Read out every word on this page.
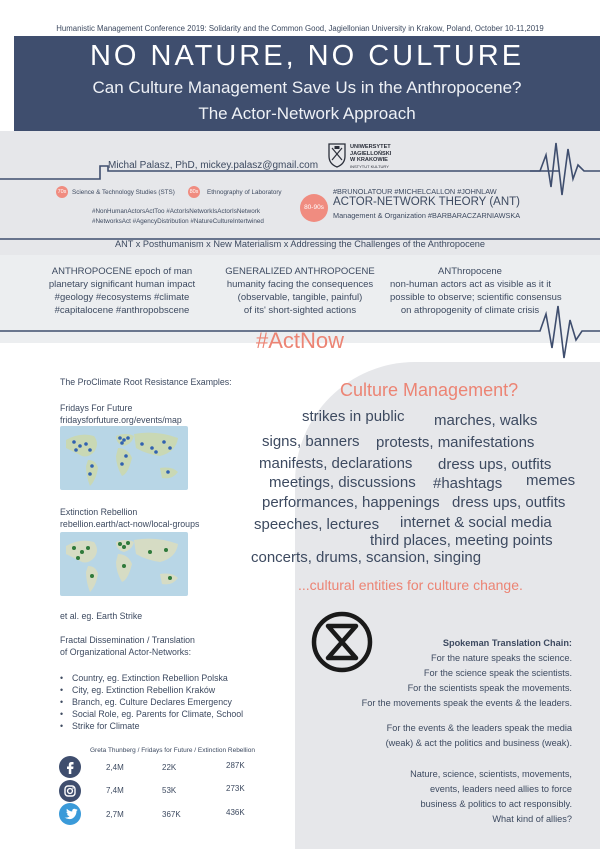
Humanistic Management Conference 2019: Solidarity and the Common Good, Jagiellonian University in Krakow, Poland, October 10-11,2019
NO NATURE, NO CULTURE
Can Culture Management Save Us in the Anthropocene?
The Actor-Network Approach
Michal Palasz, PhD, mickey.palasz@gmail.com
UNIWERSYTET
JAGIELLOŃSKI
W KRAKOWIE
INSTYTUT KULTURY
70s Science & Technology Studies (STS)	80s Ethnography of Laboratory
#NonHumanActorsActToo #ActorIsNetworkIsActorIsNetwork
#NetworksAct #AgencyDistribution #NatureCultureIntertwined
80-90s
#BRUNOLATOUR #MICHELCALLON #JOHNLAW
ACTOR-NETWORK THEORY (ANT)
Management & Organization #BARBARACZARNIAWSKA
ANT x Posthumanism x New Materialism x Addressing the Challenges of the Anthropocene
ANTHROPOCENE epoch of man
planetary significant human impact
#geology #ecosystems #climate
#capitalocene #anthropobscene
GENERALIZED ANTHROPOCENE
humanity facing the consequences
(observable, tangible, painful)
of its' short-sighted actions
ANThropocene
non-human actors act as visible as it it
possible to observe; scientific consensus
on athropogenity of climate crisis
#ActNow
Culture Management?
strikes in public marches, walks
signs, banners protests, manifestations
manifests, declarations dress ups, outfits
meetings, discussions #hashtags memes
performances, happenings dress ups, outfits
speeches, lectures internet & social media
third places, meeting points
concerts, drums, scansion, singing
...cultural entities for culture change.
Spokeman Translation Chain:
For the nature speaks the science.
For the science speak the scientists.
For the scientists speak the movements.
For the movements speak the events & the leaders.
For the events & the leaders speak the media
(weak) & act the politics and business (weak).
Nature, science, scientists, movements,
events, leaders need allies to force
business & politics to act responsibly.
What kind of allies?
The ProClimate Root Resistance Examples:
Fridays For Future
fridaysforfuture.org/events/map
Extinction Rebellion
rebellion.earth/act-now/local-groups
et al. eg. Earth Strike
Fractal Dissemination / Translation
of Organizational Actor-Networks:
• Country, eg. Extinction Rebellion Polska
• City, eg. Extinction Rebellion Kraków
• Branch, eg. Culture Declares Emergency
• Social Role, eg. Parents for Climate, School
• Strike for Climate
Greta Thunberg / Fridays for Future / Extinction Rebellion
2,4M	22K	287K
7,4M	53K	273K
2,7M	367K	436K
